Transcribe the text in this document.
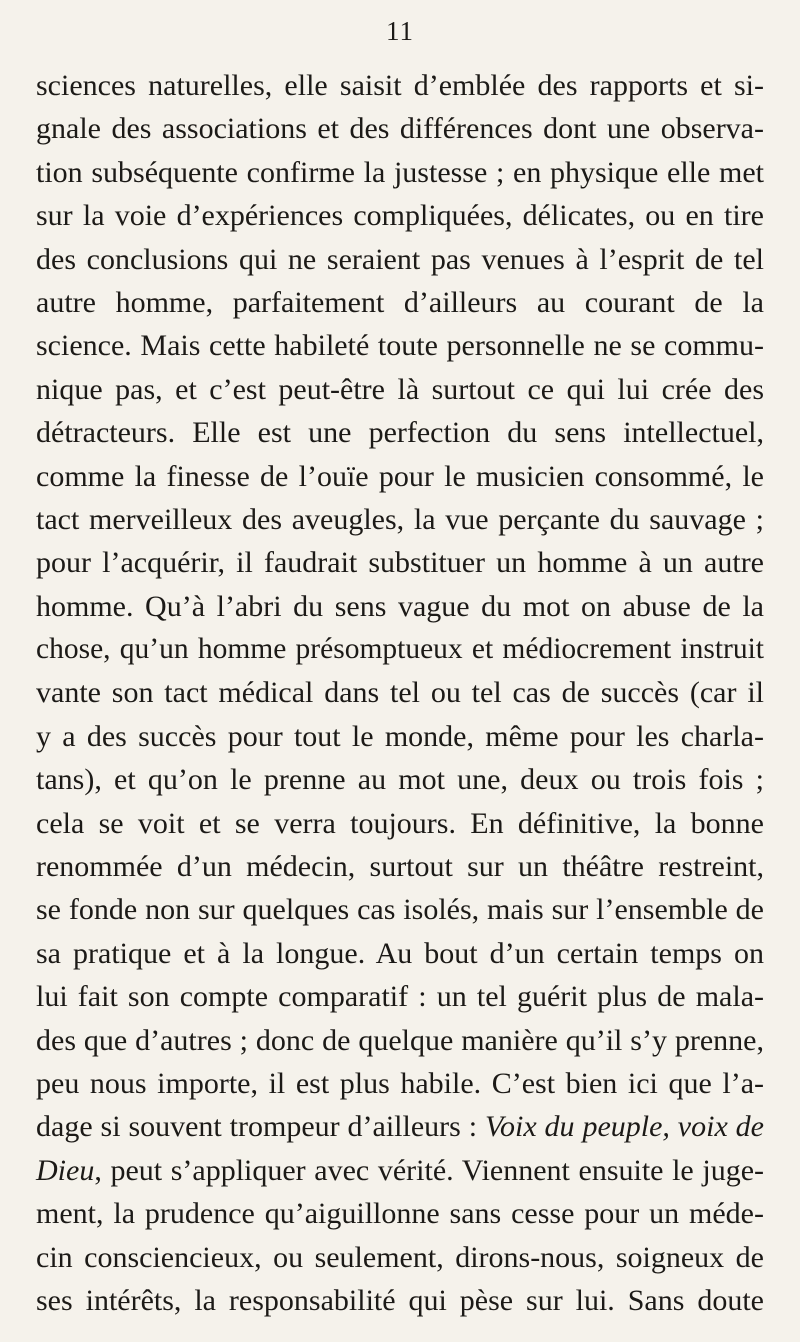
11
sciences naturelles, elle saisit d’emblée des rapports et si-
gnale des associations et des différences dont une observa-
tion subséquente confirme la justesse ; en physique elle met
sur la voie d’expériences compliquées, délicates, ou en tire
des conclusions qui ne seraient pas venues à l’esprit de tel
autre homme, parfaitement d’ailleurs au courant de la
science. Mais cette habileté toute personnelle ne se commu-
nique pas, et c’est peut-être là surtout ce qui lui crée des
détracteurs. Elle est une perfection du sens intellectuel,
comme la finesse de l’ouïe pour le musicien consommé, le
tact merveilleux des aveugles, la vue perçante du sauvage ;
pour l’acquérir, il faudrait substituer un homme à un autre
homme. Qu’à l’abri du sens vague du mot on abuse de la
chose, qu’un homme présomptueux et médiocrement instruit
vante son tact médical dans tel ou tel cas de succès (car il
y a des succès pour tout le monde, même pour les charla-
tans), et qu’on le prenne au mot une, deux ou trois fois ;
cela se voit et se verra toujours. En définitive, la bonne
renommée d’un médecin, surtout sur un théâtre restreint,
se fonde non sur quelques cas isolés, mais sur l’ensemble de
sa pratique et à la longue. Au bout d’un certain temps on
lui fait son compte comparatif : un tel guérit plus de mala-
des que d’autres ; donc de quelque manière qu’il s’y prenne,
peu nous importe, il est plus habile. C’est bien ici que l’a-
dage si souvent trompeur d’ailleurs : Voix du peuple, voix de
Dieu, peut s’appliquer avec vérité. Viennent ensuite le juge-
ment, la prudence qu’aiguillonne sans cesse pour un méde-
cin consciencieux, ou seulement, dirons-nous, soigneux de
ses intérêts, la responsabilité qui pèse sur lui. Sans doute
